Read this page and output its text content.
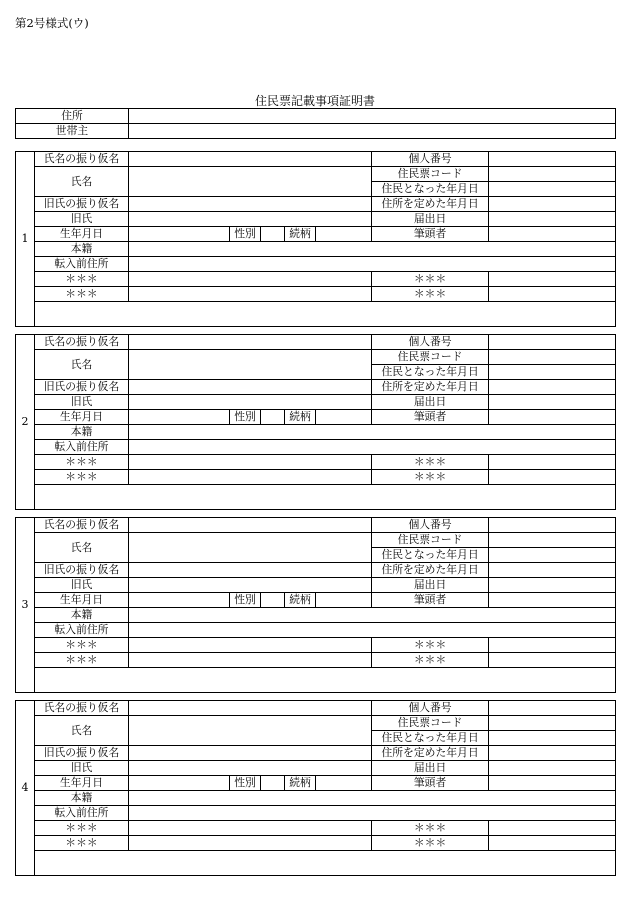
第2号様式(ウ)
住民票記載事項証明書
住所	
世帯主	
1	氏名の振り仮名						個人番号	
	氏名						住民票コード	
							住民となった年月日	
	旧氏の振り仮名						住所を定めた年月日	
	旧氏						届出日	
	生年月日		性別		続柄		筆頭者	
	本籍							
	転入前住所							
	＊＊＊						＊＊＊	
	＊＊＊						＊＊＊	

2	氏名の振り仮名						個人番号	
	氏名						住民票コード	
							住民となった年月日	
	旧氏の振り仮名						住所を定めた年月日	
	旧氏						届出日	
	生年月日		性別		続柄		筆頭者	
	本籍							
	転入前住所							
	＊＊＊						＊＊＊	
	＊＊＊						＊＊＊	

3	氏名の振り仮名						個人番号	
	氏名						住民票コード	
							住民となった年月日	
	旧氏の振り仮名						住所を定めた年月日	
	旧氏						届出日	
	生年月日		性別		続柄		筆頭者	
	本籍							
	転入前住所							
	＊＊＊						＊＊＊	
	＊＊＊						＊＊＊	

4	氏名の振り仮名						個人番号	
	氏名						住民票コード	
							住民となった年月日	
	旧氏の振り仮名						住所を定めた年月日	
	旧氏						届出日	
	生年月日		性別		続柄		筆頭者	
	本籍							
	転入前住所							
	＊＊＊						＊＊＊	
	＊＊＊						＊＊＊	
